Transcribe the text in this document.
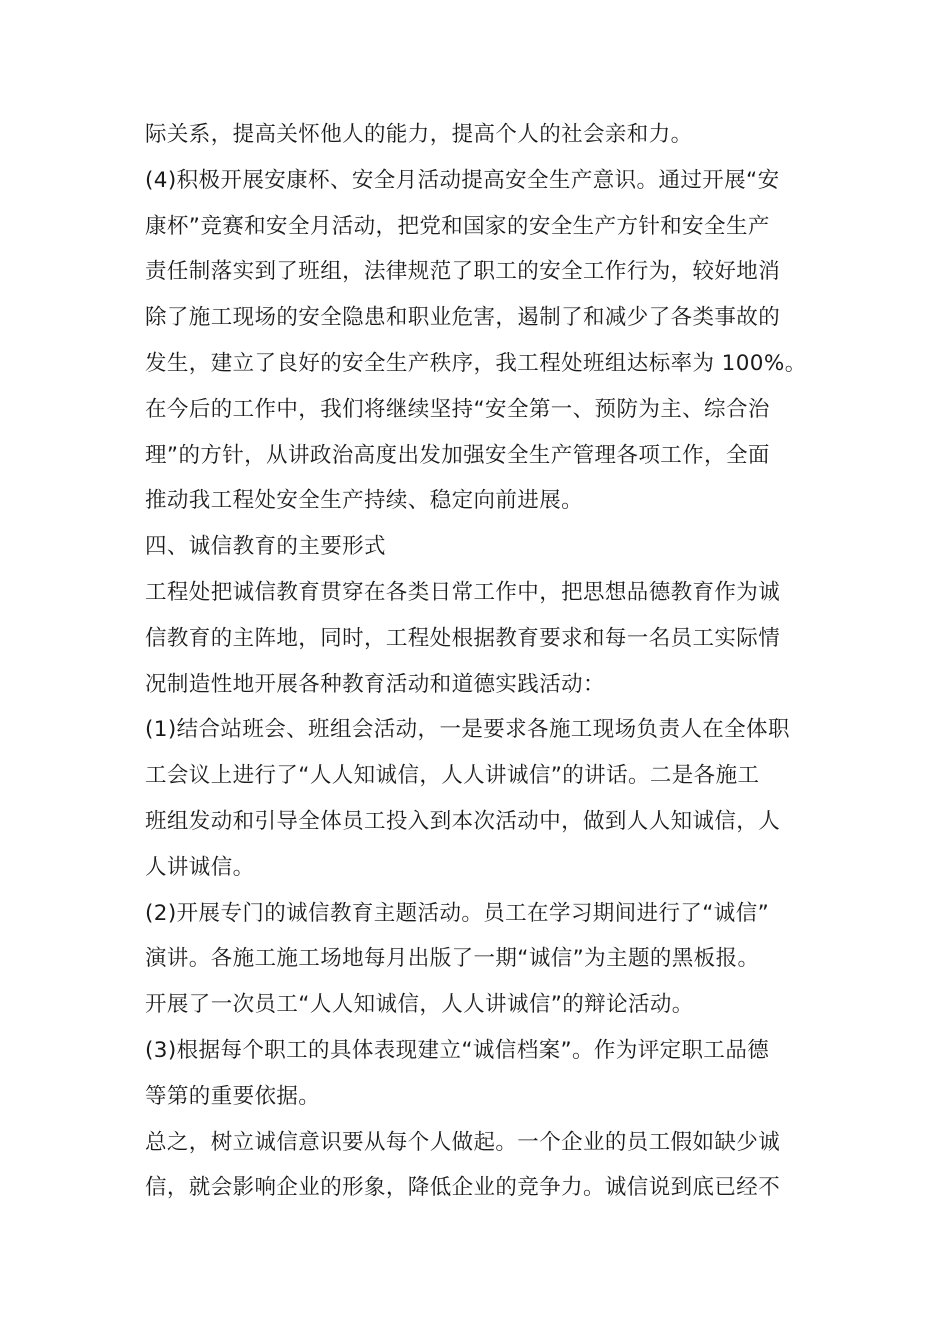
际关系，提高关怀他人的能力，提高个人的社会亲和力。
(4)积极开展安康杯、安全月活动提高安全生产意识。通过开展“安
康杯”竞赛和安全月活动，把党和国家的安全生产方针和安全生产
责任制落实到了班组，法律规范了职工的安全工作行为，较好地消
除了施工现场的安全隐患和职业危害，遏制了和减少了各类事故的
发生，建立了良好的安全生产秩序，我工程处班组达标率为 100%。
在今后的工作中，我们将继续坚持“安全第一、预防为主、综合治
理”的方针，从讲政治高度出发加强安全生产管理各项工作，全面
推动我工程处安全生产持续、稳定向前进展。
四、诚信教育的主要形式
工程处把诚信教育贯穿在各类日常工作中，把思想品德教育作为诚
信教育的主阵地，同时，工程处根据教育要求和每一名员工实际情
况制造性地开展各种教育活动和道德实践活动：
(1)结合站班会、班组会活动，一是要求各施工现场负责人在全体职
工会议上进行了“人人知诚信，人人讲诚信”的讲话。二是各施工
班组发动和引导全体员工投入到本次活动中，做到人人知诚信，人
人讲诚信。
(2)开展专门的诚信教育主题活动。员工在学习期间进行了“诚信”
演讲。各施工施工场地每月出版了一期“诚信”为主题的黑板报。
开展了一次员工“人人知诚信，人人讲诚信”的辩论活动。
(3)根据每个职工的具体表现建立“诚信档案”。作为评定职工品德
等第的重要依据。
总之，树立诚信意识要从每个人做起。一个企业的员工假如缺少诚
信，就会影响企业的形象，降低企业的竞争力。诚信说到底已经不
